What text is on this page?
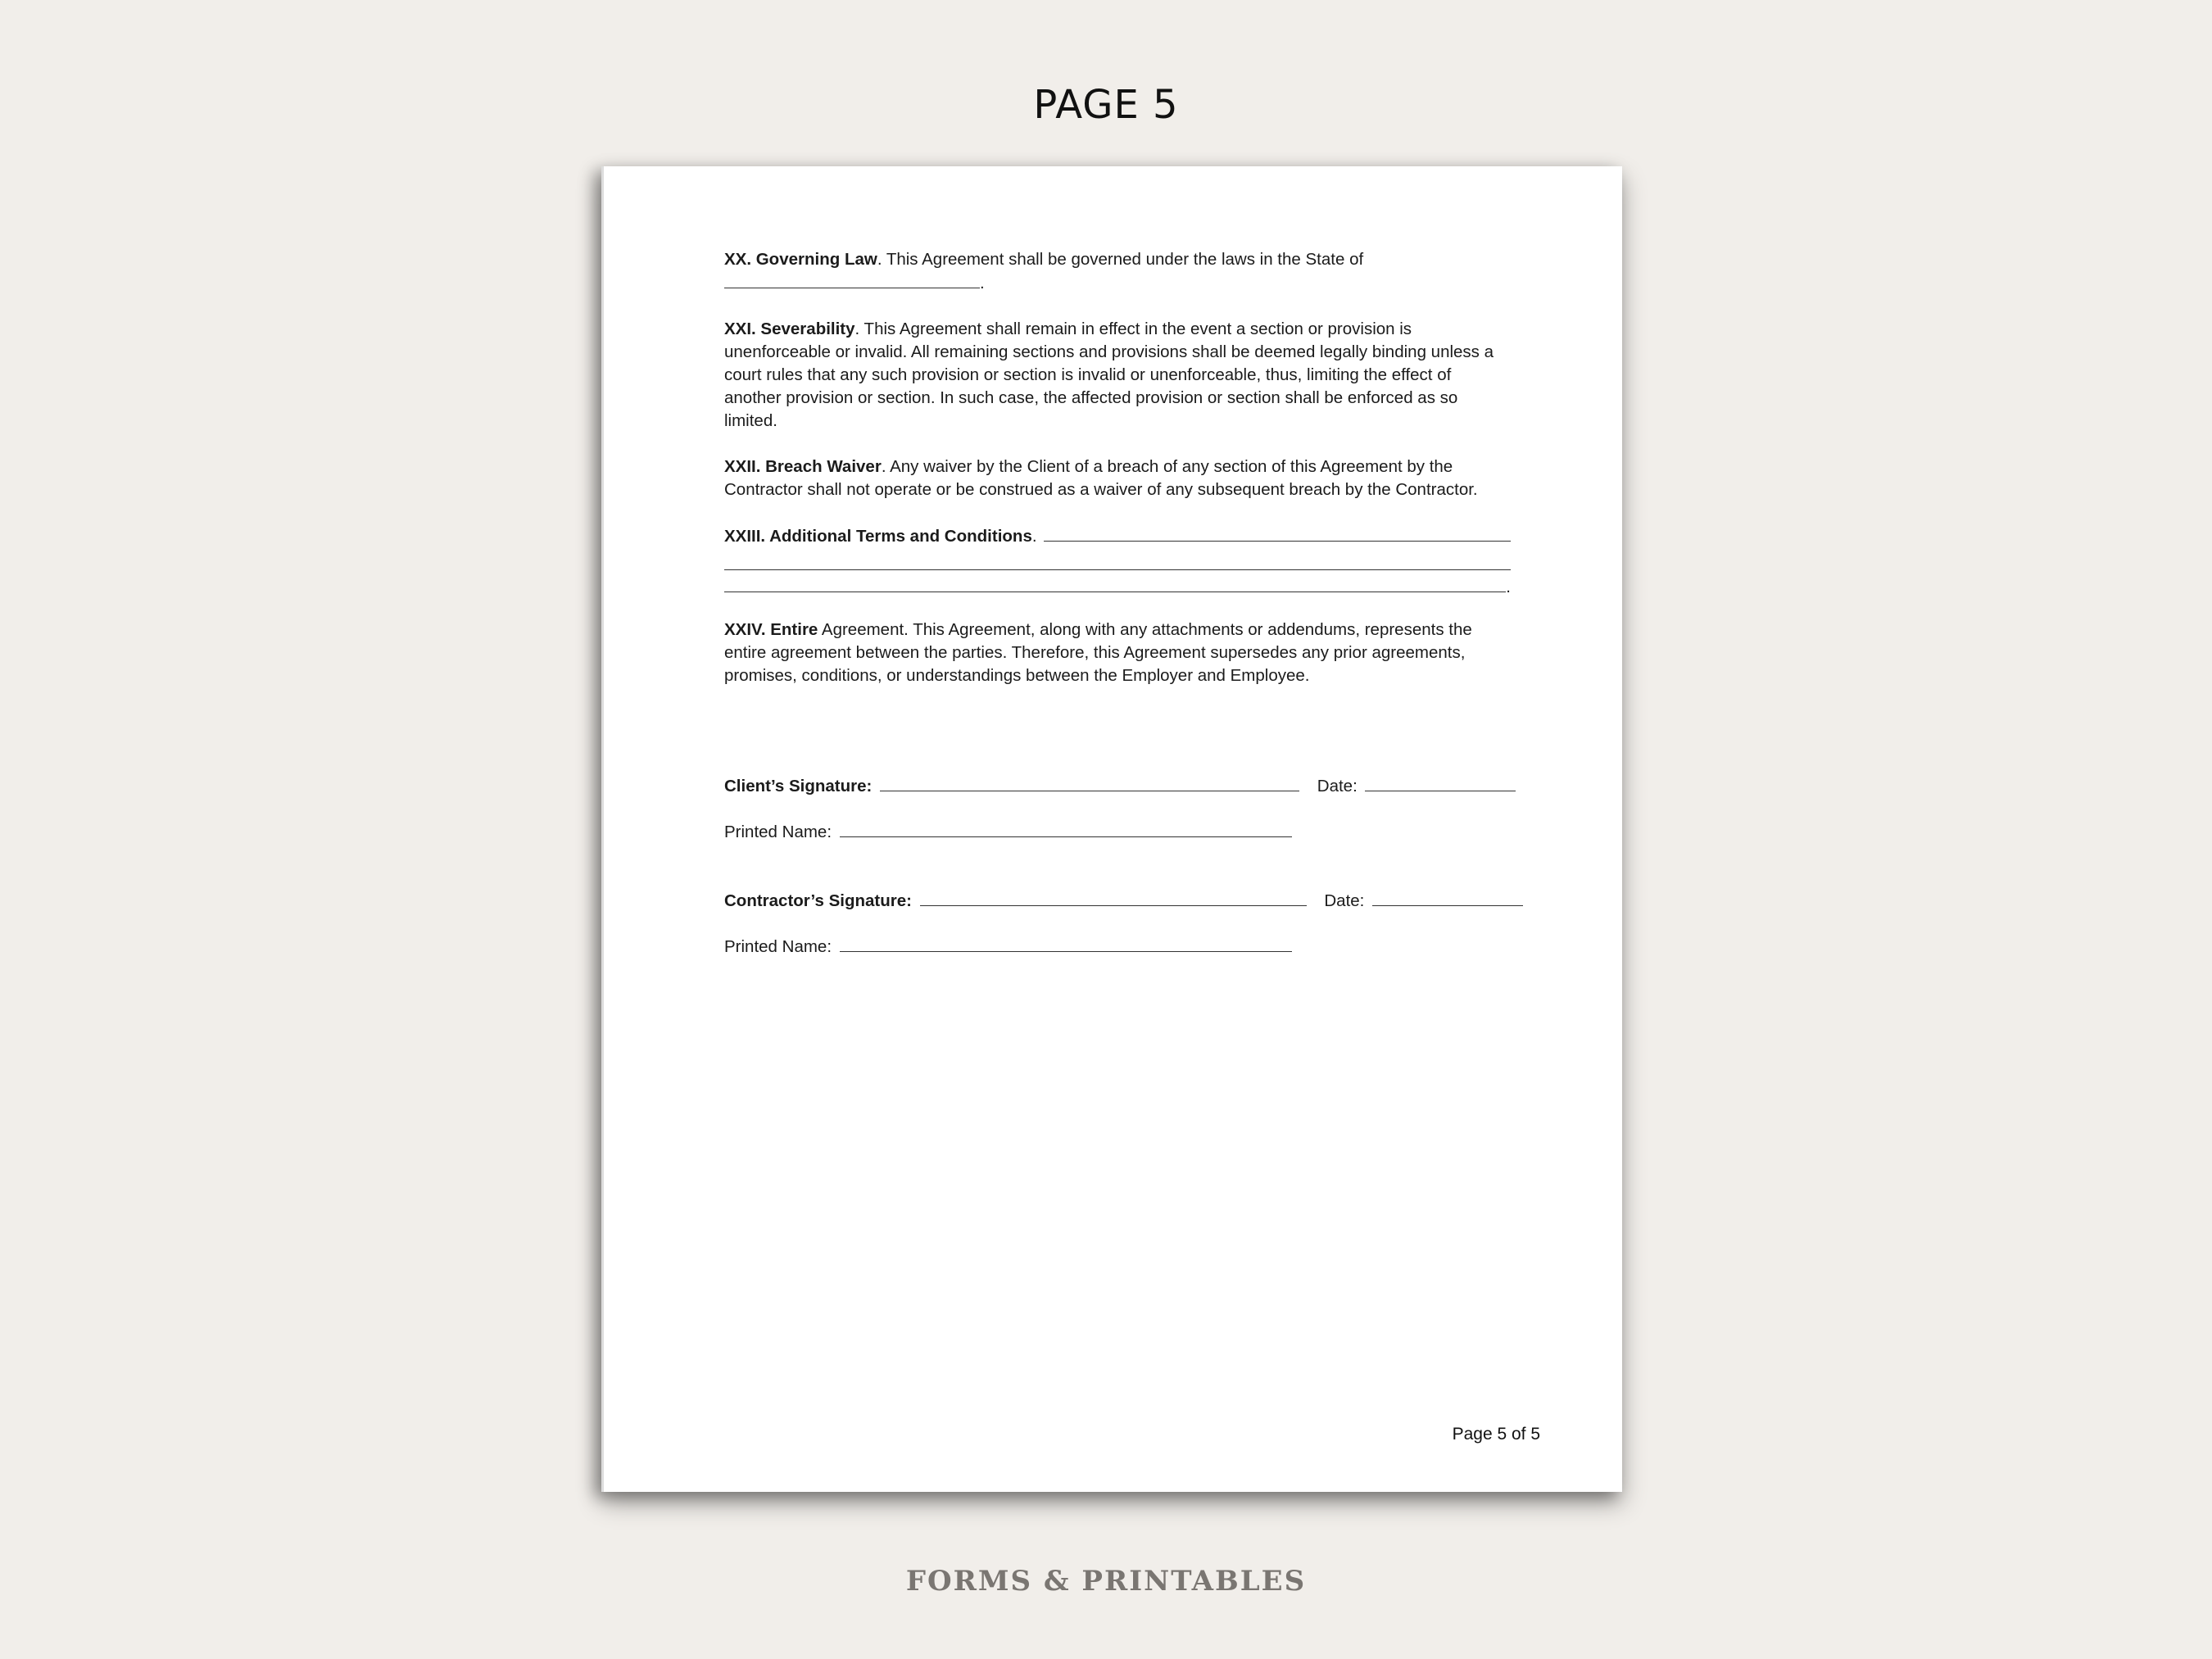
PAGE 5

XX. Governing Law. This Agreement shall be governed under the laws in the State of
.

XXI. Severability. This Agreement shall remain in effect in the event a section or provision is unenforceable or invalid. All remaining sections and provisions shall be deemed legally binding unless a court rules that any such provision or section is invalid or unenforceable, thus, limiting the effect of another provision or section. In such case, the affected provision or section shall be enforced as so limited.

XXII. Breach Waiver. Any waiver by the Client of a breach of any section of this Agreement by the Contractor shall not operate or be construed as a waiver of any subsequent breach by the Contractor.

XXIII. Additional Terms and Conditions .
.

XXIV. Entire Agreement. This Agreement, along with any attachments or addendums, represents the entire agreement between the parties. Therefore, this Agreement supersedes any prior agreements, promises, conditions, or understandings between the Employer and Employee.

Client’s Signature:	Date:
Printed Name:
Contractor’s Signature:	Date:
Printed Name:
Page 5 of 5
FORMS & PRINTABLES
